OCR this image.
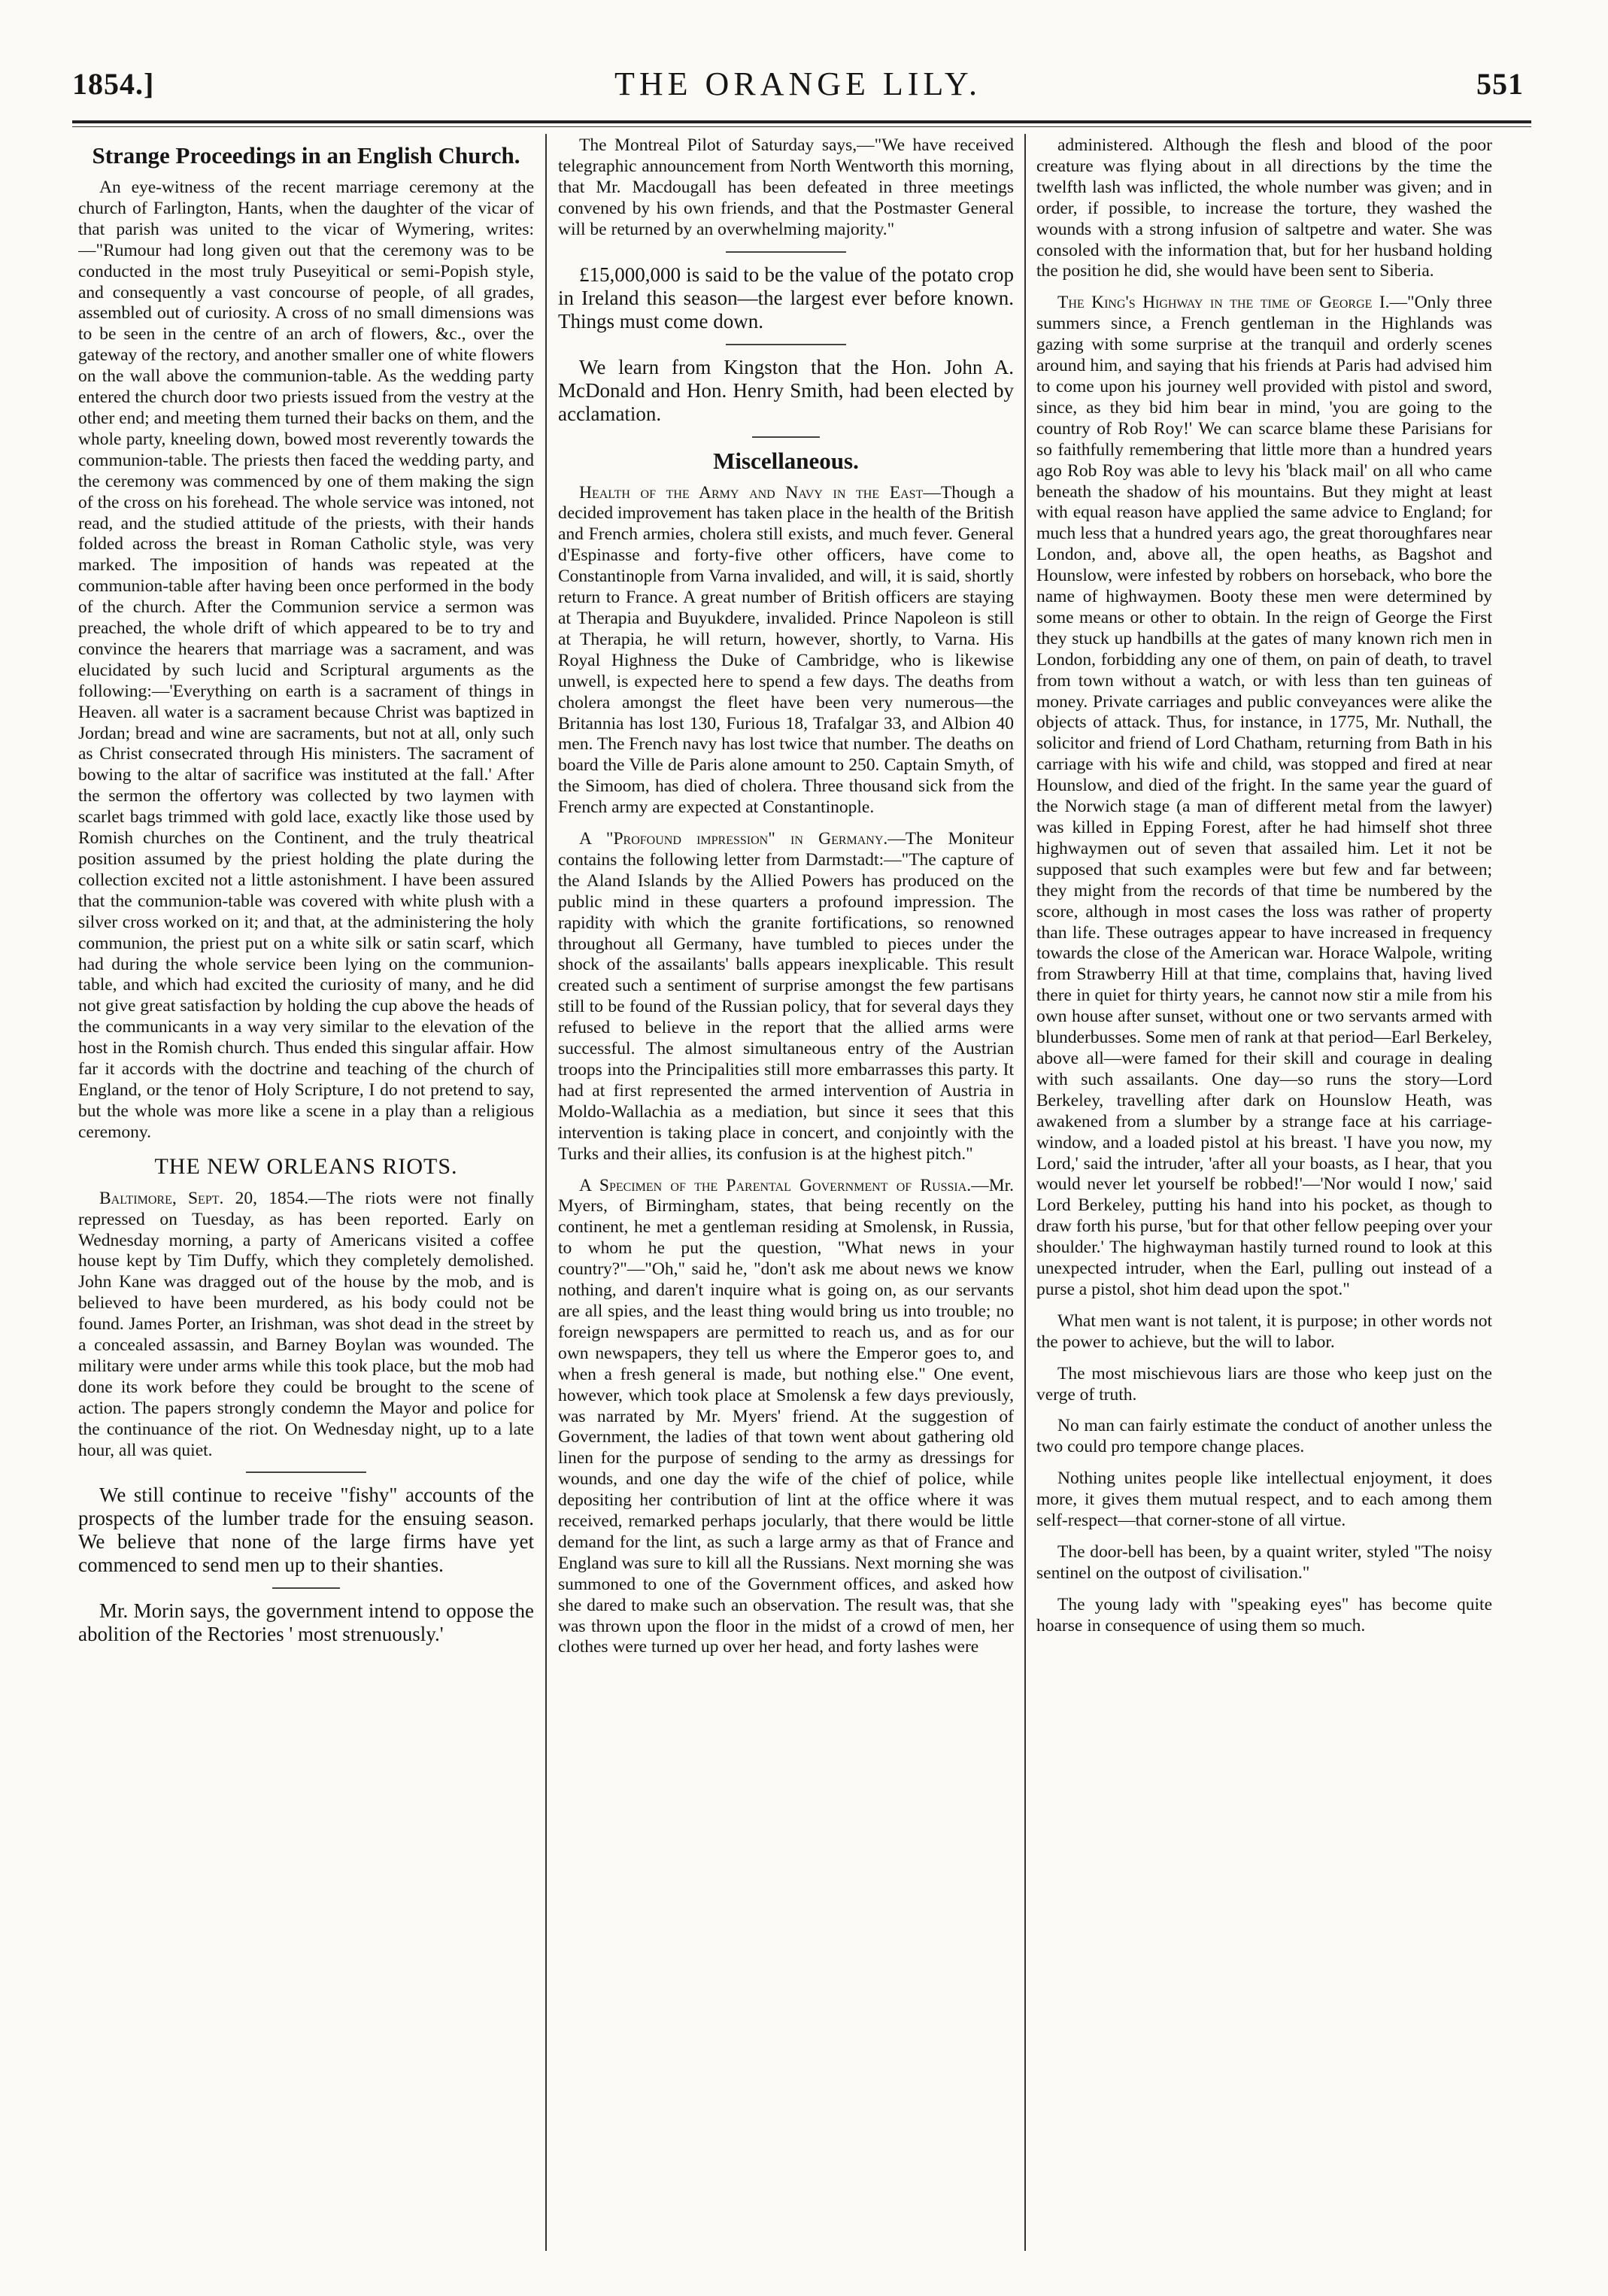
1854.]	THE ORANGE LILY.	551
Strange Proceedings in an English Church.

An eye-witness of the recent marriage ceremony at the church of Farlington, Hants, when the daughter of the vicar of that parish was united to the vicar of Wymering, writes:—"Rumour had long given out that the ceremony was to be conducted in the most truly Puseyitical or semi-Popish style, and consequently a vast concourse of people, of all grades, assembled out of curiosity. A cross of no small dimensions was to be seen in the centre of an arch of flowers, &c., over the gateway of the rectory, and another smaller one of white flowers on the wall above the communion-table. As the wedding party entered the church door two priests issued from the vestry at the other end; and meeting them turned their backs on them, and the whole party, kneeling down, bowed most reverently towards the communion-table. The priests then faced the wedding party, and the ceremony was commenced by one of them making the sign of the cross on his forehead. The whole service was intoned, not read, and the studied attitude of the priests, with their hands folded across the breast in Roman Catholic style, was very marked. The imposition of hands was repeated at the communion-table after having been once performed in the body of the church. After the Communion service a sermon was preached, the whole drift of which appeared to be to try and convince the hearers that marriage was a sacrament, and was elucidated by such lucid and Scriptural arguments as the following:—'Everything on earth is a sacrament of things in Heaven. all water is a sacrament because Christ was baptized in Jordan; bread and wine are sacraments, but not at all, only such as Christ consecrated through His ministers. The sacrament of bowing to the altar of sacrifice was instituted at the fall.' After the sermon the offertory was collected by two laymen with scarlet bags trimmed with gold lace, exactly like those used by Romish churches on the Continent, and the truly theatrical position assumed by the priest holding the plate during the collection excited not a little astonishment. I have been assured that the communion-table was covered with white plush with a silver cross worked on it; and that, at the administering the holy communion, the priest put on a white silk or satin scarf, which had during the whole service been lying on the communion-table, and which had excited the curiosity of many, and he did not give great satisfaction by holding the cup above the heads of the communicants in a way very similar to the elevation of the host in the Romish church. Thus ended this singular affair. How far it accords with the doctrine and teaching of the church of England, or the tenor of Holy Scripture, I do not pretend to say, but the whole was more like a scene in a play than a religious ceremony.

THE NEW ORLEANS RIOTS.

Baltimore, Sept. 20, 1854.—The riots were not finally repressed on Tuesday, as has been reported. Early on Wednesday morning, a party of Americans visited a coffee house kept by Tim Duffy, which they completely demolished. John Kane was dragged out of the house by the mob, and is believed to have been murdered, as his body could not be found. James Porter, an Irishman, was shot dead in the street by a concealed assassin, and Barney Boylan was wounded. The military were under arms while this took place, but the mob had done its work before they could be brought to the scene of action. The papers strongly condemn the Mayor and police for the continuance of the riot. On Wednesday night, up to a late hour, all was quiet.

We still continue to receive "fishy" accounts of the prospects of the lumber trade for the ensuing season. We believe that none of the large firms have yet commenced to send men up to their shanties.

Mr. Morin says, the government intend to oppose the abolition of the Rectories ' most strenuously.'

The Montreal Pilot of Saturday says,—"We have received telegraphic announcement from North Wentworth this morning, that Mr. Macdougall has been defeated in three meetings convened by his own friends, and that the Postmaster General will be returned by an overwhelming majority."

£15,000,000 is said to be the value of the potato crop in Ireland this season—the largest ever before known. Things must come down.

We learn from Kingston that the Hon. John A. McDonald and Hon. Henry Smith, had been elected by acclamation.

Miscellaneous.

Health of the Army and Navy in the East—Though a decided improvement has taken place in the health of the British and French armies, cholera still exists, and much fever. General d'Espinasse and forty-five other officers, have come to Constantinople from Varna invalided, and will, it is said, shortly return to France. A great number of British officers are staying at Therapia and Buyukdere, invalided. Prince Napoleon is still at Therapia, he will return, however, shortly, to Varna. His Royal Highness the Duke of Cambridge, who is likewise unwell, is expected here to spend a few days. The deaths from cholera amongst the fleet have been very numerous—the Britannia has lost 130, Furious 18, Trafalgar 33, and Albion 40 men. The French navy has lost twice that number. The deaths on board the Ville de Paris alone amount to 250. Captain Smyth, of the Simoom, has died of cholera. Three thousand sick from the French army are expected at Constantinople.

A "Profound impression" in Germany.—The Moniteur contains the following letter from Darmstadt:—"The capture of the Aland Islands by the Allied Powers has produced on the public mind in these quarters a profound impression. The rapidity with which the granite fortifications, so renowned throughout all Germany, have tumbled to pieces under the shock of the assailants' balls appears inexplicable. This result created such a sentiment of surprise amongst the few partisans still to be found of the Russian policy, that for several days they refused to believe in the report that the allied arms were successful. The almost simultaneous entry of the Austrian troops into the Principalities still more embarrasses this party. It had at first represented the armed intervention of Austria in Moldo-Wallachia as a mediation, but since it sees that this intervention is taking place in concert, and conjointly with the Turks and their allies, its confusion is at the highest pitch."

A Specimen of the Parental Government of Russia.—Mr. Myers, of Birmingham, states, that being recently on the continent, he met a gentleman residing at Smolensk, in Russia, to whom he put the question, "What news in your country?"—"Oh," said he, "don't ask me about news we know nothing, and daren't inquire what is going on, as our servants are all spies, and the least thing would bring us into trouble; no foreign newspapers are permitted to reach us, and as for our own newspapers, they tell us where the Emperor goes to, and when a fresh general is made, but nothing else." One event, however, which took place at Smolensk a few days previously, was narrated by Mr. Myers' friend. At the suggestion of Government, the ladies of that town went about gathering old linen for the purpose of sending to the army as dressings for wounds, and one day the wife of the chief of police, while depositing her contribution of lint at the office where it was received, remarked perhaps jocularly, that there would be little demand for the lint, as such a large army as that of France and England was sure to kill all the Russians. Next morning she was summoned to one of the Government offices, and asked how she dared to make such an observation. The result was, that she was thrown upon the floor in the midst of a crowd of men, her clothes were turned up over her head, and forty lashes were

administered. Although the flesh and blood of the poor creature was flying about in all directions by the time the twelfth lash was inflicted, the whole number was given; and in order, if possible, to increase the torture, they washed the wounds with a strong infusion of saltpetre and water. She was consoled with the information that, but for her husband holding the position he did, she would have been sent to Siberia.

The King's Highway in the time of George I.—"Only three summers since, a French gentleman in the Highlands was gazing with some surprise at the tranquil and orderly scenes around him, and saying that his friends at Paris had advised him to come upon his journey well provided with pistol and sword, since, as they bid him bear in mind, 'you are going to the country of Rob Roy!' We can scarce blame these Parisians for so faithfully remembering that little more than a hundred years ago Rob Roy was able to levy his 'black mail' on all who came beneath the shadow of his mountains. But they might at least with equal reason have applied the same advice to England; for much less that a hundred years ago, the great thoroughfares near London, and, above all, the open heaths, as Bagshot and Hounslow, were infested by robbers on horseback, who bore the name of highwaymen. Booty these men were determined by some means or other to obtain. In the reign of George the First they stuck up handbills at the gates of many known rich men in London, forbidding any one of them, on pain of death, to travel from town without a watch, or with less than ten guineas of money. Private carriages and public conveyances were alike the objects of attack. Thus, for instance, in 1775, Mr. Nuthall, the solicitor and friend of Lord Chatham, returning from Bath in his carriage with his wife and child, was stopped and fired at near Hounslow, and died of the fright. In the same year the guard of the Norwich stage (a man of different metal from the lawyer) was killed in Epping Forest, after he had himself shot three highwaymen out of seven that assailed him. Let it not be supposed that such examples were but few and far between; they might from the records of that time be numbered by the score, although in most cases the loss was rather of property than life. These outrages appear to have increased in frequency towards the close of the American war. Horace Walpole, writing from Strawberry Hill at that time, complains that, having lived there in quiet for thirty years, he cannot now stir a mile from his own house after sunset, without one or two servants armed with blunderbusses. Some men of rank at that period—Earl Berkeley, above all—were famed for their skill and courage in dealing with such assailants. One day—so runs the story—Lord Berkeley, travelling after dark on Hounslow Heath, was awakened from a slumber by a strange face at his carriage-window, and a loaded pistol at his breast. 'I have you now, my Lord,' said the intruder, 'after all your boasts, as I hear, that you would never let yourself be robbed!'—'Nor would I now,' said Lord Berkeley, putting his hand into his pocket, as though to draw forth his purse, 'but for that other fellow peeping over your shoulder.' The highwayman hastily turned round to look at this unexpected intruder, when the Earl, pulling out instead of a purse a pistol, shot him dead upon the spot."

What men want is not talent, it is purpose; in other words not the power to achieve, but the will to labor.

The most mischievous liars are those who keep just on the verge of truth.

No man can fairly estimate the conduct of another unless the two could pro tempore change places.

Nothing unites people like intellectual enjoyment, it does more, it gives them mutual respect, and to each among them self-respect—that corner-stone of all virtue.

The door-bell has been, by a quaint writer, styled "The noisy sentinel on the outpost of civilisation."

The young lady with "speaking eyes" has become quite hoarse in consequence of using them so much.
